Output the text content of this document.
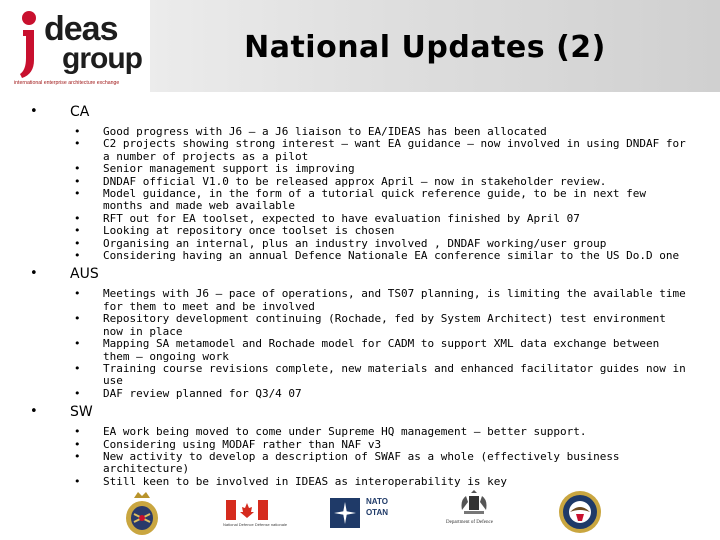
deas
group
international enterprise architecture exchange
National Updates (2)
• CA
• Good progress with J6 – a J6 liaison to EA/IDEAS has been allocated
• C2 projects showing strong interest – want EA guidance – now involved in using DNDAF for a number of projects as a pilot
• Senior management support is improving
• DNDAF official V1.0 to be released approx April – now in stakeholder review.
• Model guidance, in the form of a tutorial quick reference guide, to be in next few months and made web available
• RFT out for EA toolset, expected to have evaluation finished by April 07
• Looking at repository once toolset is chosen
• Organising an internal, plus an industry involved , DNDAF working/user group
• Considering having an annual Defence Nationale EA conference similar to the US Do.D one
• AUS
• Meetings with J6 – pace of operations, and TS07 planning, is limiting the available time for them to meet and be involved
• Repository development continuing (Rochade, fed by System Architect) test environment now in place
• Mapping SA metamodel and Rochade model for CADM to support XML data exchange between them – ongoing work
• Training course revisions complete, new materials and enhanced facilitator guides now in use
• DAF review planned for Q3/4 07
• SW
• EA work being moved to come under Supreme HQ management – better support.
• Considering using MODAF rather than NAF v3
• New activity to develop a description of SWAF as a whole (effectively business architecture)
• Still keen to be involved in IDEAS as interoperability is key
National Defence Défense nationale
NATO
OTAN
Department of Defence
